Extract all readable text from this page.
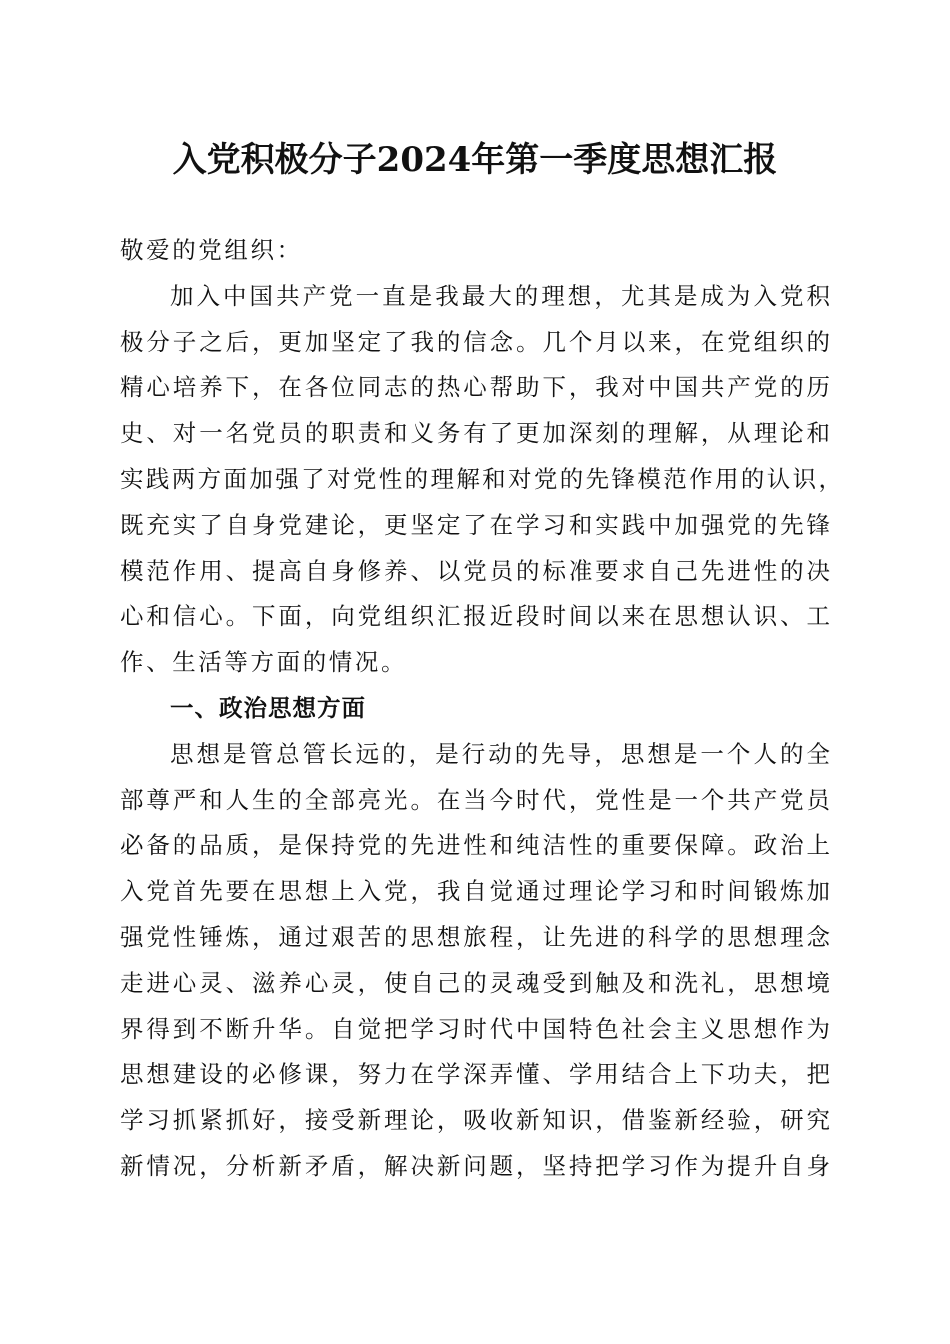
入党积极分子2024年第一季度思想汇报
敬爱的党组织：
加入中国共产党一直是我最大的理想，尤其是成为入党积
极分子之后，更加坚定了我的信念。几个月以来，在党组织的
精心培养下，在各位同志的热心帮助下，我对中国共产党的历
史、对一名党员的职责和义务有了更加深刻的理解，从理论和
实践两方面加强了对党性的理解和对党的先锋模范作用的认识，
既充实了自身党建论，更坚定了在学习和实践中加强党的先锋
模范作用、提高自身修养、以党员的标准要求自己先进性的决
心和信心。下面，向党组织汇报近段时间以来在思想认识、工
作、生活等方面的情况。
一、政治思想方面
思想是管总管长远的，是行动的先导，思想是一个人的全
部尊严和人生的全部亮光。在当今时代，党性是一个共产党员
必备的品质，是保持党的先进性和纯洁性的重要保障。政治上
入党首先要在思想上入党，我自觉通过理论学习和时间锻炼加
强党性锤炼，通过艰苦的思想旅程，让先进的科学的思想理念
走进心灵、滋养心灵，使自己的灵魂受到触及和洗礼，思想境
界得到不断升华。自觉把学习时代中国特色社会主义思想作为
思想建设的必修课，努力在学深弄懂、学用结合上下功夫，把
学习抓紧抓好，接受新理论，吸收新知识，借鉴新经验，研究
新情况，分析新矛盾，解决新问题，坚持把学习作为提升自身
